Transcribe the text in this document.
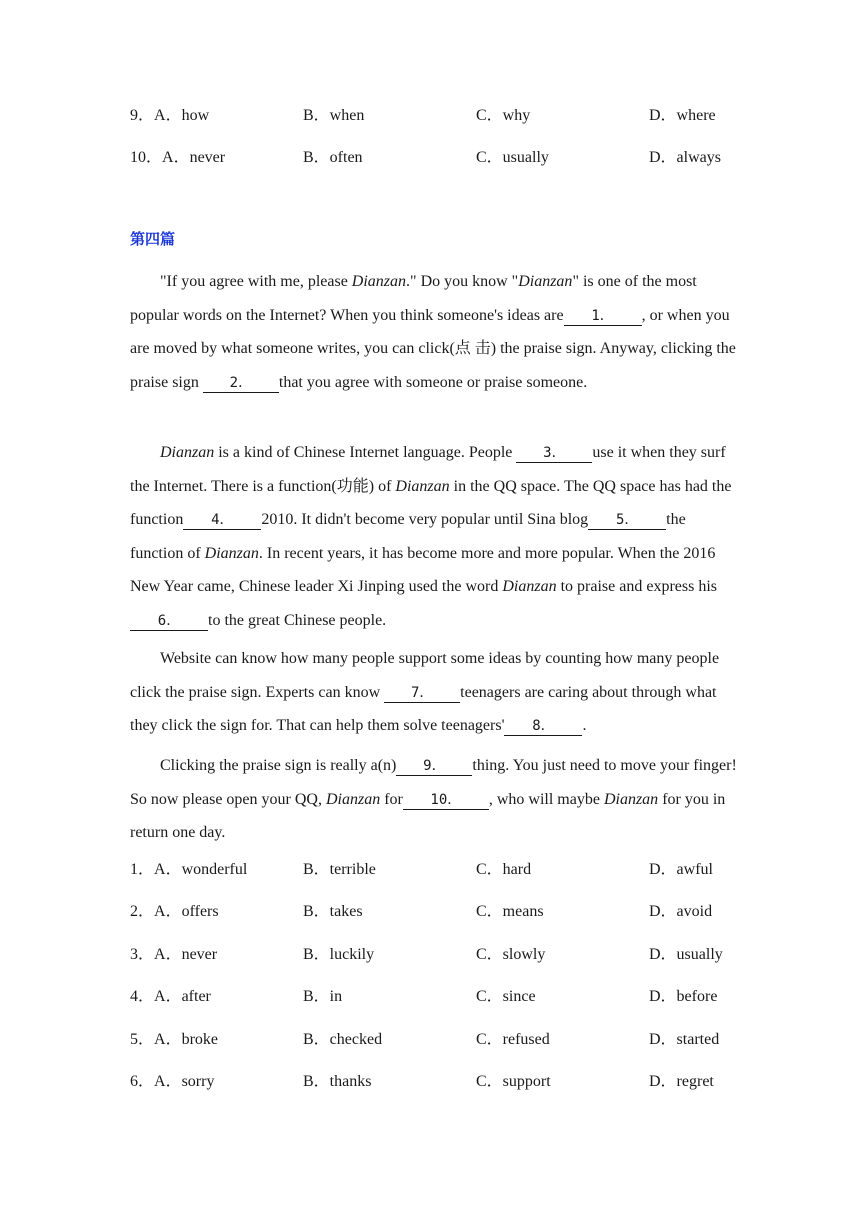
9．A．how	B．when	C．why	D．where
10．A．never	B．often	C．usually	D．always
第四篇
"If you agree with me, please Dianzan." Do you know "Dianzan" is one of the most popular words on the Internet? When you think someone's ideas are 1． , or when you are moved by what someone writes, you can click(点 击) the praise sign. Anyway, clicking the praise sign 2． that you agree with someone or praise someone.
Dianzan is a kind of Chinese Internet language. People 3． use it when they surf the Internet. There is a function(功能) of Dianzan in the QQ space. The QQ space has had the function 4． 2010. It didn't become very popular until Sina blog 5． the function of Dianzan. In recent years, it has become more and more popular. When the 2016 New Year came, Chinese leader Xi Jinping used the word Dianzan to praise and express his6． to the great Chinese people.
Website can know how many people support some ideas by counting how many people click the praise sign. Experts can know 7． teenagers are caring about through what they click the sign for. That can help them solve teenagers' 8． .
Clicking the praise sign is really a(n) 9． thing. You just need to move your finger! So now please open your QQ, Dianzan for 10． , who will maybe Dianzan for you in return one day.
1．A．wonderful	B．terrible	C．hard	D．awful
2．A．offers	B．takes	C．means	D．avoid
3．A．never	B．luckily	C．slowly	D．usually
4．A．after	B．in	C．since	D．before
5．A．broke	B．checked	C．refused	D．started
6．A．sorry	B．thanks	C．support	D．regret
